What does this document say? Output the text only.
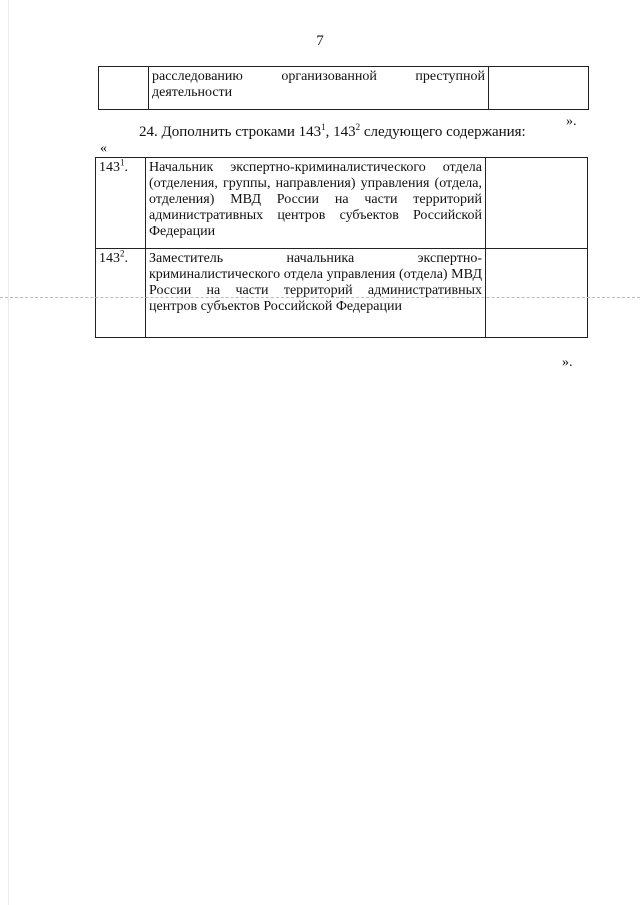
7
	расследованию организованной преступной деятельности	
».
24. Дополнить строками $143^1$, $143^2$ следующего содержания:
«
$143^1$.	Начальник экспертно-криминалистического отдела (отделения, группы, направления) управления (отдела, отделения) МВД России на части территорий административных центров субъектов Российской Федерации	
$143^2$.	Заместитель начальника экспертно-криминалистического отдела управления (отдела) МВД России на части территорий административных центров субъектов Российской Федерации	
».
